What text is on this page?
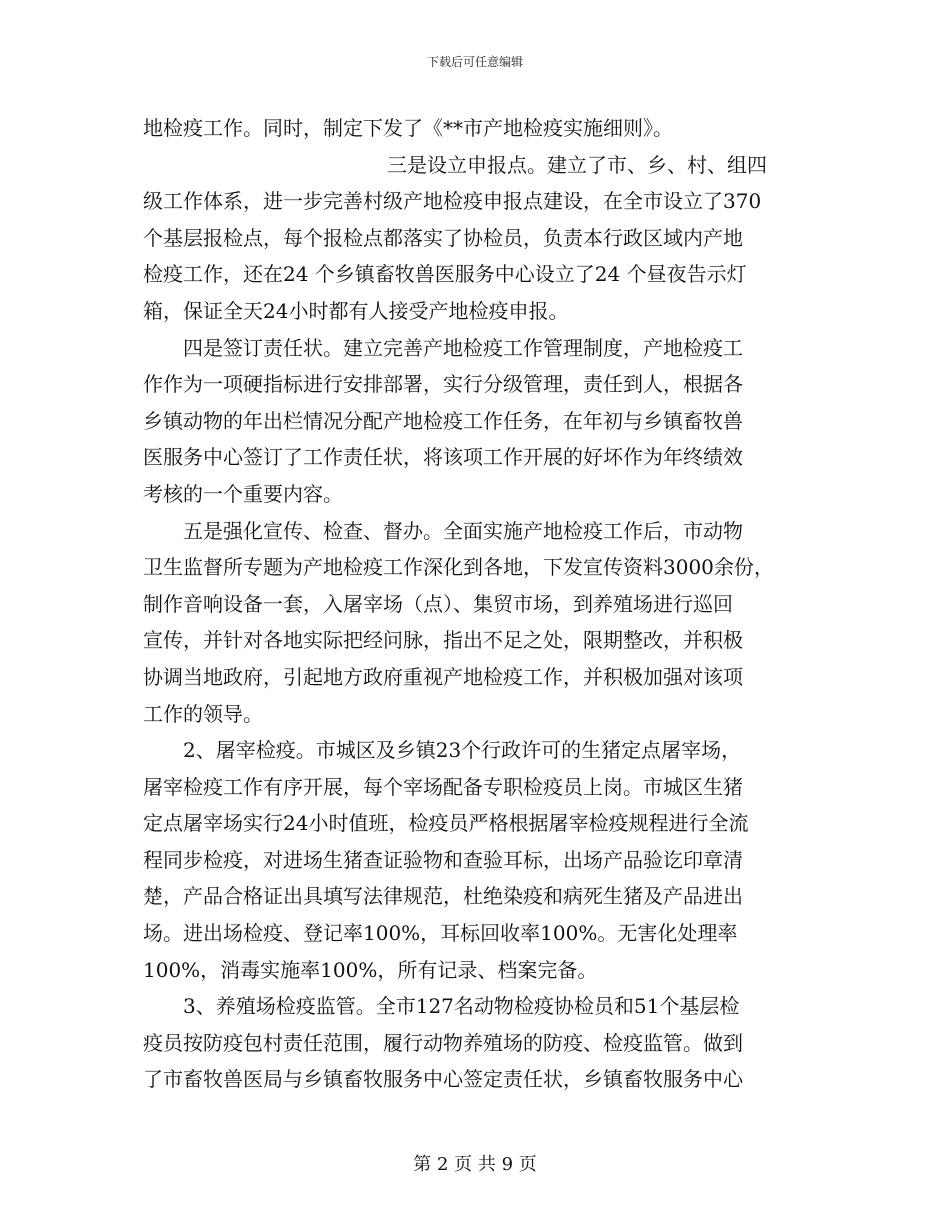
下载后可任意编辑
地检疫工作。同时，制定下发了《**市产地检疫实施细则》。
三是设立申报点。建立了市、乡、村、组四
级工作体系，进一步完善村级产地检疫申报点建设，在全市设立了370
个基层报检点，每个报检点都落实了协检员，负责本行政区域内产地
检疫工作，还在24 个乡镇畜牧兽医服务中心设立了24 个昼夜告示灯
箱，保证全天24小时都有人接受产地检疫申报。
四是签订责任状。建立完善产地检疫工作管理制度，产地检疫工
作作为一项硬指标进行安排部署，实行分级管理，责任到人，根据各
乡镇动物的年出栏情况分配产地检疫工作任务，在年初与乡镇畜牧兽
医服务中心签订了工作责任状，将该项工作开展的好坏作为年终绩效
考核的一个重要内容。
五是强化宣传、检查、督办。全面实施产地检疫工作后，市动物
卫生监督所专题为产地检疫工作深化到各地，下发宣传资料3000余份，
制作音响设备一套，入屠宰场（点）、集贸市场，到养殖场进行巡回
宣传，并针对各地实际把经问脉，指出不足之处，限期整改，并积极
协调当地政府，引起地方政府重视产地检疫工作，并积极加强对该项
工作的领导。
2、屠宰检疫。市城区及乡镇23个行政许可的生猪定点屠宰场，
屠宰检疫工作有序开展，每个宰场配备专职检疫员上岗。市城区生猪
定点屠宰场实行24小时值班，检疫员严格根据屠宰检疫规程进行全流
程同步检疫，对进场生猪查证验物和查验耳标，出场产品验讫印章清
楚，产品合格证出具填写法律规范，杜绝染疫和病死生猪及产品进出
场。进出场检疫、登记率100%，耳标回收率100%。无害化处理率
100%，消毒实施率100%，所有记录、档案完备。
3、养殖场检疫监管。全市127名动物检疫协检员和51个基层检
疫员按防疫包村责任范围，履行动物养殖场的防疫、检疫监管。做到
了市畜牧兽医局与乡镇畜牧服务中心签定责任状，乡镇畜牧服务中心
第 2 页 共 9 页
